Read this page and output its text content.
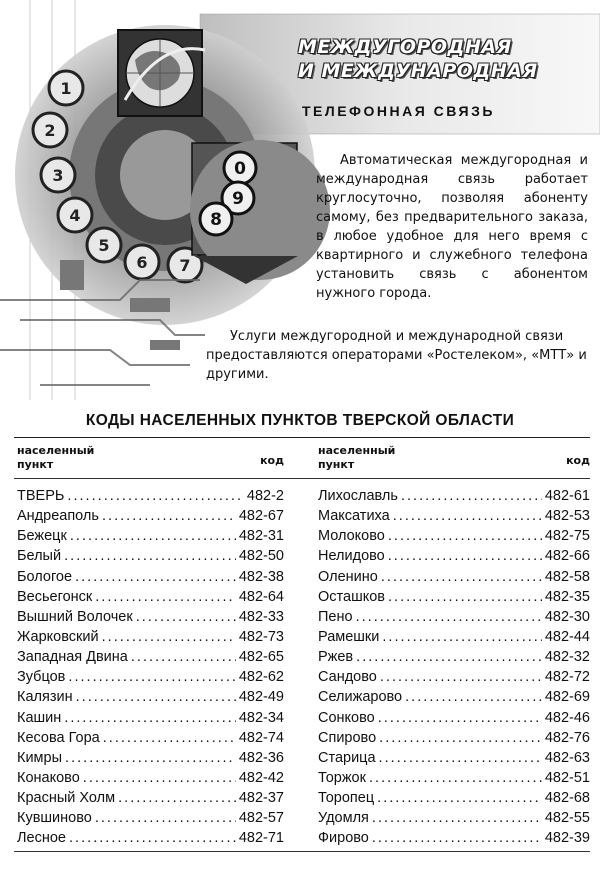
1
2
3
4
5
6 7
0
9
8
МЕЖДУГОРОДНАЯ
И МЕЖДУНАРОДНАЯ
ТЕЛЕФОННАЯ СВЯЗЬ

Автоматическая междугородная и международная связь работает круглосуточно, позволяя абоненту самому, без предварительного заказа, в любое удобное для него время с квартирного и служебного телефона установить связь с абонентом нужного города.

Услуги междугородной и международной связи предоставляются операторами «Ростелеком», «МТТ» и другими.

КОДЫ НАСЕЛЕННЫХ ПУНКТОВ ТВЕРСКОЙ ОБЛАСТИ
населенный пункт	код
ТВЕРЬ . . .	482-2
Андреаполь . . .	482-67
Бежецк . . .	482-31
Белый . . .	482-50
Бологое . . .	482-38
Весьегонск . . .	482-64
Вышний Волочек . . .	482-33
Жарковский . . .	482-73
Западная Двина . . .	482-65
Зубцов . . .	482-62
Калязин . . .	482-49
Кашин . . .	482-34
Кесова Гора . . .	482-74
Кимры . . .	482-36
Конаково . . .	482-42
Красный Холм . . .	482-37
Кувшиново . . .	482-57
Лесное . . .	482-71
населенный пункт	код
Лихославль . . .	482-61
Максатиха . . .	482-53
Молоково . . .	482-75
Нелидово . . .	482-66
Оленино . . .	482-58
Осташков . . .	482-35
Пено . . .	482-30
Рамешки . . .	482-44
Ржев . . .	482-32
Сандово . . .	482-72
Селижарово . . .	482-69
Сонково . . .	482-46
Спирово . . .	482-76
Старица . . .	482-63
Торжок . . .	482-51
Торопец . . .	482-68
Удомля . . .	482-55
Фирово . . .	482-39
